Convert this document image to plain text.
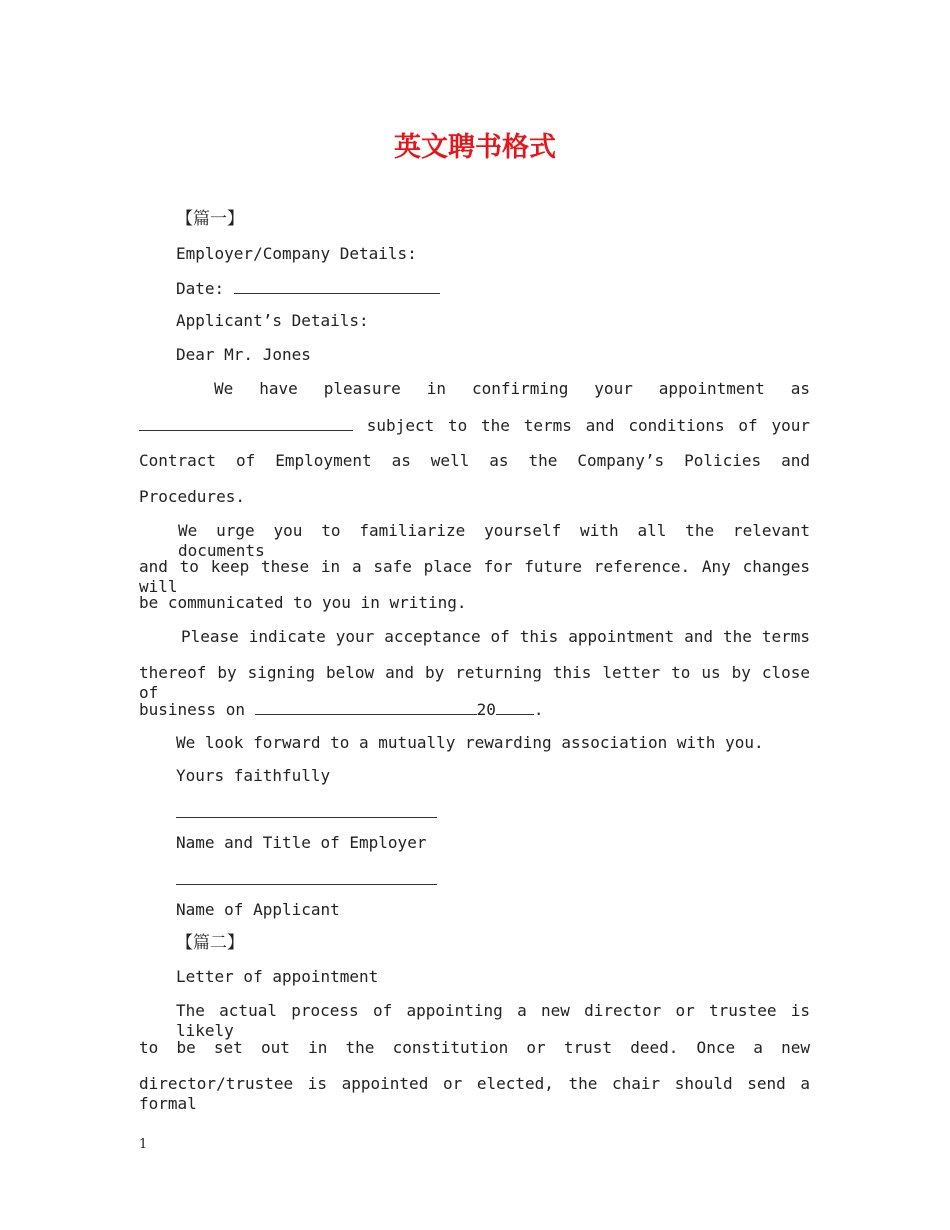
英文聘书格式
【篇一】
Employer/Company Details:
Date:
Applicant’s Details:
Dear Mr. Jones
We have pleasure in confirming your appointment as
subject to the terms and conditions of your
Contract of Employment as well as the Company’s Policies and
Procedures.
We urge you to familiarize yourself with all the relevant documents
and to keep these in a safe place for future reference. Any changes will
be communicated to you in writing.
Please indicate your acceptance of this appointment and the terms
thereof by signing below and by returning this letter to us by close of
business on	20 .
We look forward to a mutually rewarding association with you.
Yours faithfully
Name and Title of Employer
Name of Applicant
【篇二】
Letter of appointment
The actual process of appointing a new director or trustee is likely
to be set out in the constitution or trust deed. Once a new
director/trustee is appointed or elected, the chair should send a formal
1
